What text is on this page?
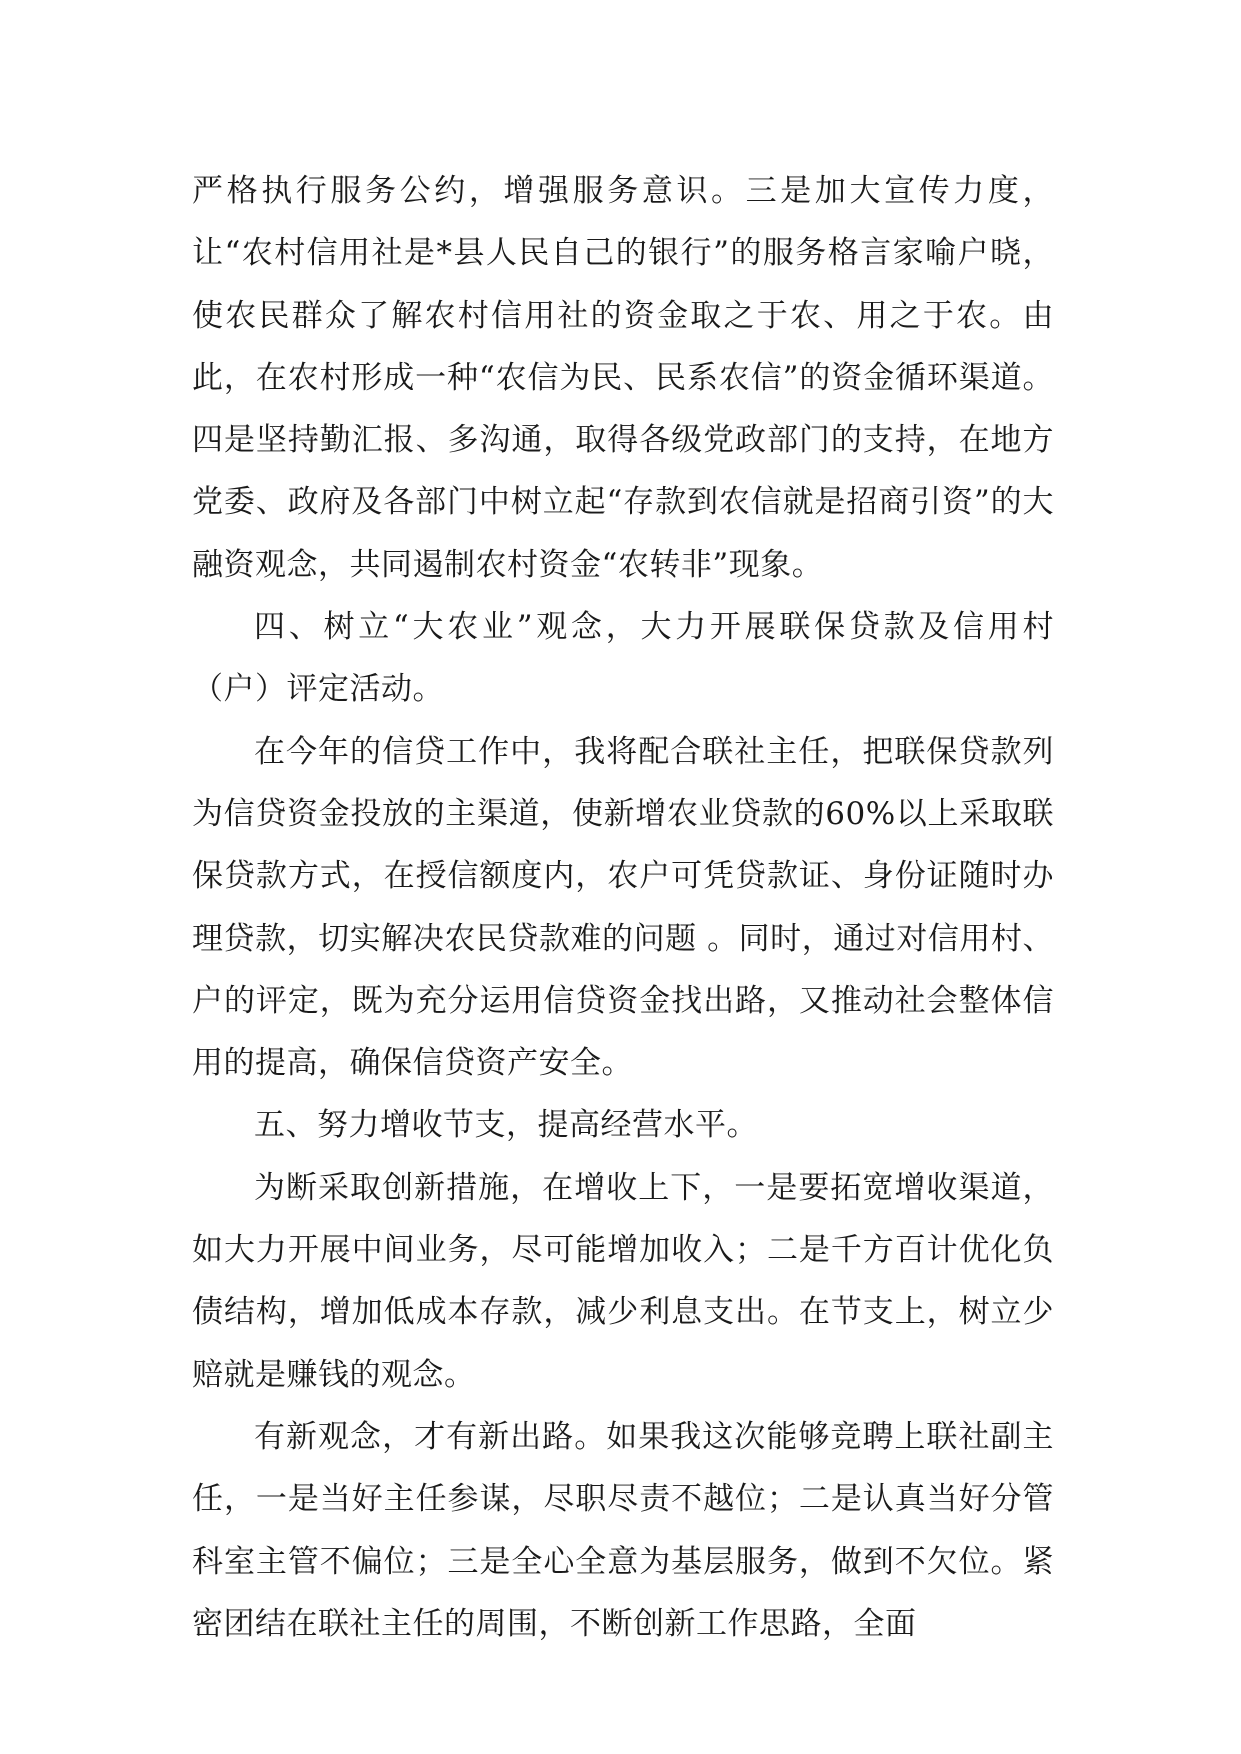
严格执行服务公约，增强服务意识。三是加大宣传力度，让“农村信用社是*县人民自己的银行”的服务格言家喻户晓，使农民群众了解农村信用社的资金取之于农、用之于农。由此，在农村形成一种“农信为民、民系农信”的资金循环渠道。四是坚持勤汇报、多沟通，取得各级党政部门的支持，在地方党委、政府及各部门中树立起“存款到农信就是招商引资”的大融资观念，共同遏制农村资金“农转非”现象。

四、树立“大农业”观念，大力开展联保贷款及信用村（户）评定活动。

在今年的信贷工作中，我将配合联社主任，把联保贷款列为信贷资金投放的主渠道，使新增农业贷款的60%以上采取联保贷款方式，在授信额度内，农户可凭贷款证、身份证随时办理贷款，切实解决农民贷款难的问题 。同时，通过对信用村、户的评定，既为充分运用信贷资金找出路，又推动社会整体信用的提高，确保信贷资产安全。

五、努力增收节支，提高经营水平。

为断采取创新措施，在增收上下，一是要拓宽增收渠道，如大力开展中间业务，尽可能增加收入；二是千方百计优化负债结构，增加低成本存款，减少利息支出。在节支上，树立少赔就是赚钱的观念。

有新观念，才有新出路。如果我这次能够竞聘上联社副主任，一是当好主任参谋，尽职尽责不越位；二是认真当好分管科室主管不偏位；三是全心全意为基层服务，做到不欠位。紧密团结在联社主任的周围，不断创新工作思路，全面
